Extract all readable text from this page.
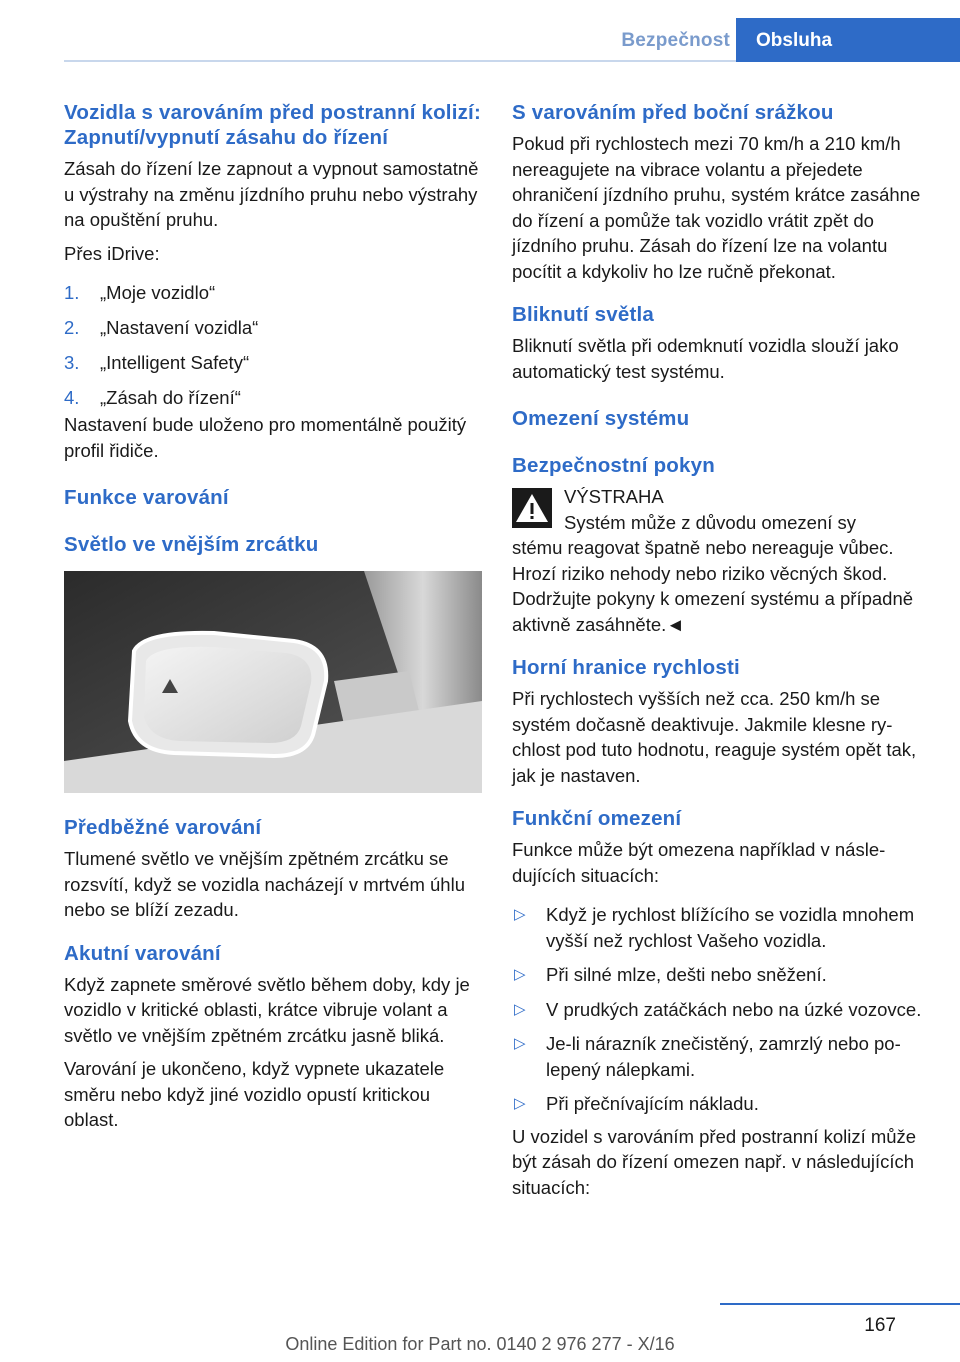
Bezpečnost	Obsluha
Vozidla s varováním před postranní kolizí: Zapnutí/vypnutí zásahu do řízení

Zásah do řízení lze zapnout a vypnout samostatně u výstrahy na změnu jízdního pruhu nebo výstrahy na opuštění pruhu.

Přes iDrive:

1. „Moje vozidlo“
2. „Nastavení vozidla“
3. „Intelligent Safety“
4. „Zásah do řízení“

Nastavení bude uloženo pro momentálně použitý profil řidiče.

Funkce varování
Světlo ve vnějším zrcátku
Předběžné varování

Tlumené světlo ve vnějším zpětném zrcátku se rozsvítí, když se vozidla nacházejí v mrtvém úhlu nebo se blíží zezadu.

Akutní varování

Když zapnete směrové světlo během doby, kdy je vozidlo v kritické oblasti, krátce vibruje volant a světlo ve vnějším zpětném zrcátku jasně bliká.

Varování je ukončeno, když vypnete ukazatele směru nebo když jiné vozidlo opustí kritickou oblast.

S varováním před boční srážkou

Pokud při rychlostech mezi 70 km/h a 210 km/h nereagujete na vibrace volantu a přejedete ohraničení jízdního pruhu, systém krátce zasáhne do řízení a pomůže tak vozidlo vrátit zpět do jízdního pruhu. Zásah do řízení lze na volantu pocítit a kdykoliv ho lze ručně překonat.

Bliknutí světla

Bliknutí světla při odemknutí vozidla slouží jako automatický test systému.

Omezení systému
Bezpečnostní pokyn

VÝSTRAHA

Systém může z důvodu omezení sy

stému reagovat špatně nebo nereaguje vůbec. Hrozí riziko nehody nebo riziko věcných škod. Dodržujte pokyny k omezení systému a případně aktivně zasáhněte.◄

Horní hranice rychlosti

Při rychlostech vyšších než cca. 250 km/h se systém dočasně deaktivuje. Jakmile klesne rychlost pod tuto hodnotu, reaguje systém opět tak, jak je nastaven.

Funkční omezení

Funkce může být omezena například v následujících situacích:

▷ Když je rychlost blížícího se vozidla mnohem vyšší než rychlost Vašeho vozidla.
▷ Při silné mlze, dešti nebo sněžení.
▷ V prudkých zatáčkách nebo na úzké vozovce.
▷ Je-li nárazník znečistěný, zamrzlý nebo polepený nálepkami.
▷ Při přečnívajícím nákladu.

U vozidel s varováním před postranní kolizí může být zásah do řízení omezen např. v následujících situacích:

167
Online Edition for Part no. 0140 2 976 277 - X/16
